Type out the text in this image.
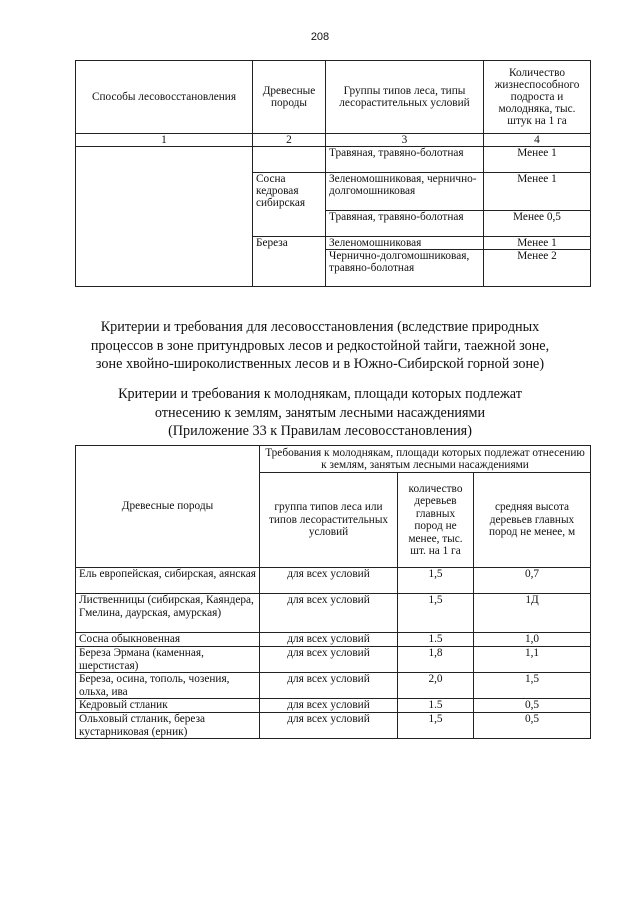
208
Способы лесовосстановления	Древесные породы	Группы типов леса, типы лесорастительных условий	Количество жизнеспособного подроста и молодняка, тыс. штук на 1 га
1	2	3	4
		Травяная, травяно-болотная	Менее 1
	Сосна кедровая сибирская	Зеленомошниковая, чернично-долгомошниковая	Менее 1
		Травяная, травяно-болотная	Менее 0,5
	Береза	Зеленомошниковая	Менее 1
		Чернично-долгомошниковая, травяно-болотная	Менее 2
Критерии и требования для лесовосстановления (вследствие природных
процессов в зоне притундровых лесов и редкостойной тайги, таежной зоне,
зоне хвойно-широколиственных лесов и в Южно-Сибирской горной зоне)
Критерии и требования к молоднякам, площади которых подлежат
отнесению к землям, занятым лесными насаждениями
(Приложение 33 к Правилам лесовосстановления)
Древесные породы	Требования к молоднякам, площади которых подлежат отнесению к землям, занятым лесными насаждениями		
	группа типов леса или типов лесорастительных условий	количество деревьев главных пород не менее, тыс. шт. на 1 га	средняя высота деревьев главных пород не менее, м
Ель европейская, сибирская, аянская	для всех условий	1,5	0,7
Лиственницы (сибирская, Каяндера, Гмелина, даурская, амурская)	для всех условий	1,5	1Д
Сосна обыкновенная	для всех условий	1.5	1,0
Береза Эрмана (каменная, шерстистая)	для всех условий	1,8	1,1
Береза, осина, тополь, чозения, ольха, ива	для всех условий	2,0	1,5
Кедровый стланик	для всех условий	1.5	0,5
Ольховый стланик, береза кустарниковая (ерник)	для всех условий	1,5	0,5
